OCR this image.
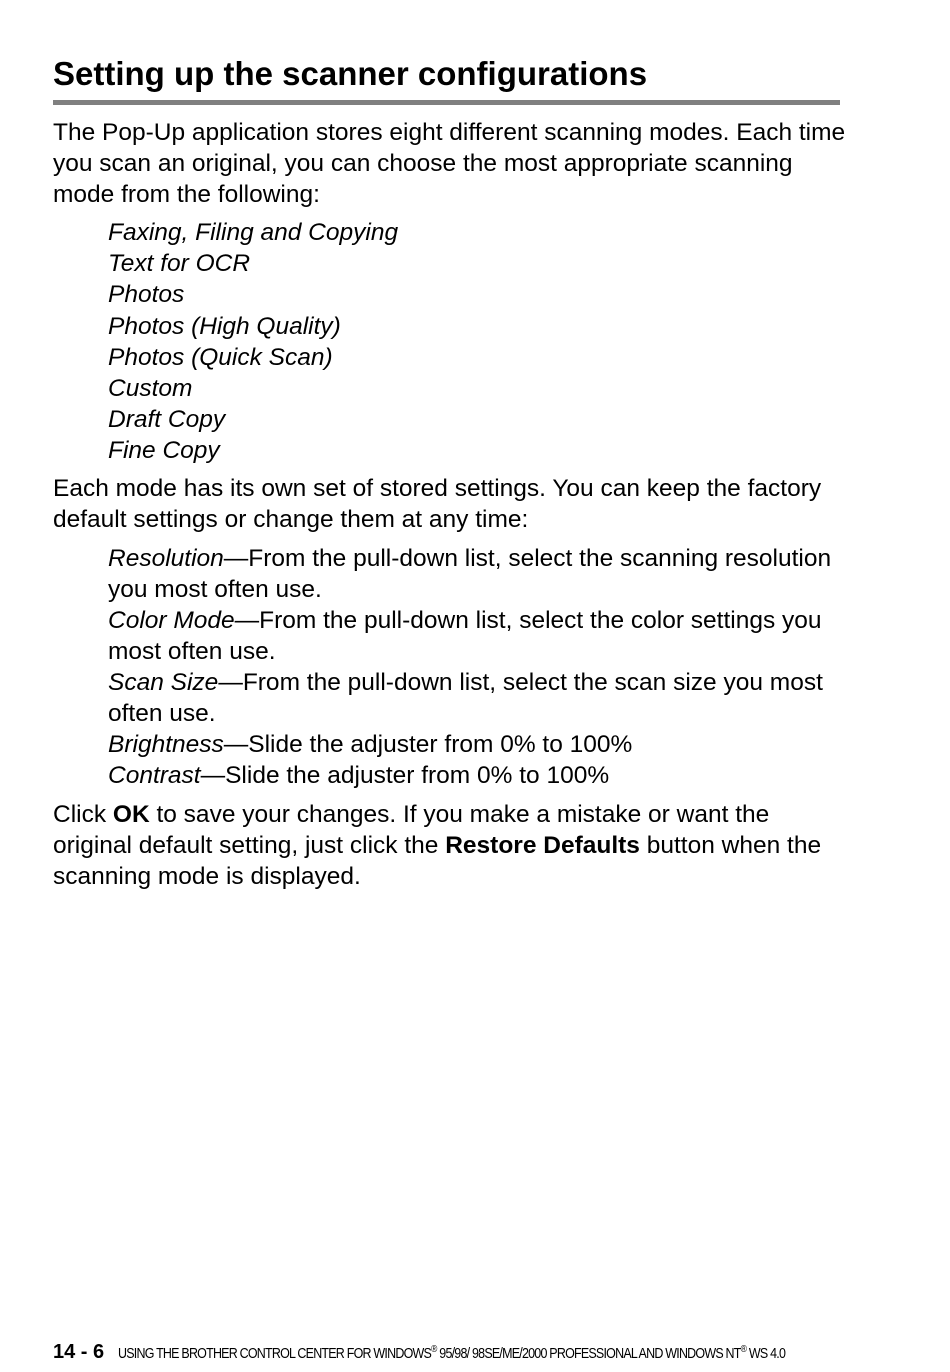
Setting up the scanner configurations

The Pop-Up application stores eight different scanning modes. Each time you scan an original, you can choose the most appropriate scanning mode from the following:

Faxing, Filing and Copying
Text for OCR
Photos
Photos (High Quality)
Photos (Quick Scan)
Custom
Draft Copy
Fine Copy

Each mode has its own set of stored settings. You can keep the factory default settings or change them at any time:

Resolution—From the pull-down list, select the scanning resolution you most often use.
Color Mode—From the pull-down list, select the color settings you most often use.
Scan Size—From the pull-down list, select the scan size you most often use.
Brightness—Slide the adjuster from 0% to 100%
Contrast—Slide the adjuster from 0% to 100%

Click OK to save your changes. If you make a mistake or want the original default setting, just click the Restore Defaults button when the scanning mode is displayed.

14 - 6 USING THE BROTHER CONTROL CENTER FOR WINDOWS® 95/98/ 98SE/ME/2000 PROFESSIONAL AND WINDOWS NT® WS 4.0
